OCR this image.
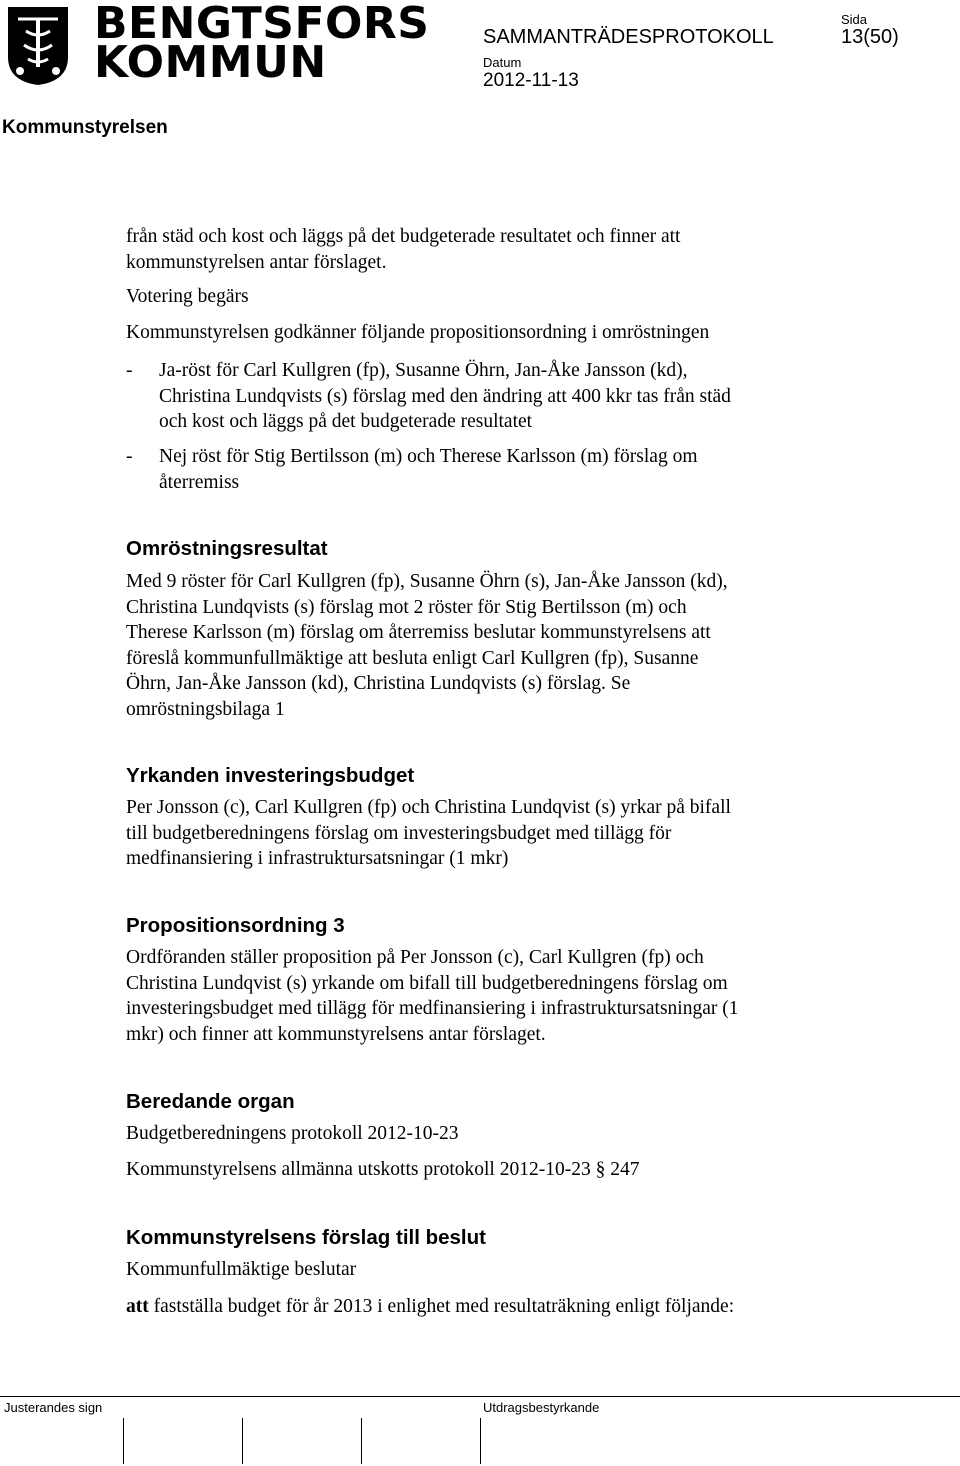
BENGTSFORS
KOMMUN	SAMMANTRÄDESPROTOKOLL
Sida
13(50)
Datum
2012-11-13
Kommunstyrelsen
från städ och kost och läggs på det budgeterade resultatet och finner att
kommunstyrelsen antar förslaget.
Votering begärs
Kommunstyrelsen godkänner följande propositionsordning i omröstningen
- Ja-röst för Carl Kullgren (fp), Susanne Öhrn, Jan-Åke Jansson (kd),
Christina Lundqvists (s) förslag med den ändring att 400 kkr tas från städ
och kost och läggs på det budgeterade resultatet
- Nej röst för Stig Bertilsson (m) och Therese Karlsson (m) förslag om
återremiss
Omröstningsresultat
Med 9 röster för Carl Kullgren (fp), Susanne Öhrn (s), Jan-Åke Jansson (kd),
Christina Lundqvists (s) förslag mot 2 röster för Stig Bertilsson (m) och
Therese Karlsson (m) förslag om återremiss beslutar kommunstyrelsens att
föreslå kommunfullmäktige att besluta enligt Carl Kullgren (fp), Susanne
Öhrn, Jan-Åke Jansson (kd), Christina Lundqvists (s) förslag. Se
omröstningsbilaga 1
Yrkanden investeringsbudget
Per Jonsson (c), Carl Kullgren (fp) och Christina Lundqvist (s) yrkar på bifall
till budgetberedningens förslag om investeringsbudget med tillägg för
medfinansiering i infrastruktursatsningar (1 mkr)
Propositionsordning 3
Ordföranden ställer proposition på Per Jonsson (c), Carl Kullgren (fp) och
Christina Lundqvist (s) yrkande om bifall till budgetberedningens förslag om
investeringsbudget med tillägg för medfinansiering i infrastruktursatsningar (1
mkr) och finner att kommunstyrelsens antar förslaget.
Beredande organ
Budgetberedningens protokoll 2012-10-23
Kommunstyrelsens allmänna utskotts protokoll 2012-10-23 § 247
Kommunstyrelsens förslag till beslut
Kommunfullmäktige beslutar
att fastställa budget för år 2013 i enlighet med resultaträkning enligt följande:
Justerandes sign	Utdragsbestyrkande
